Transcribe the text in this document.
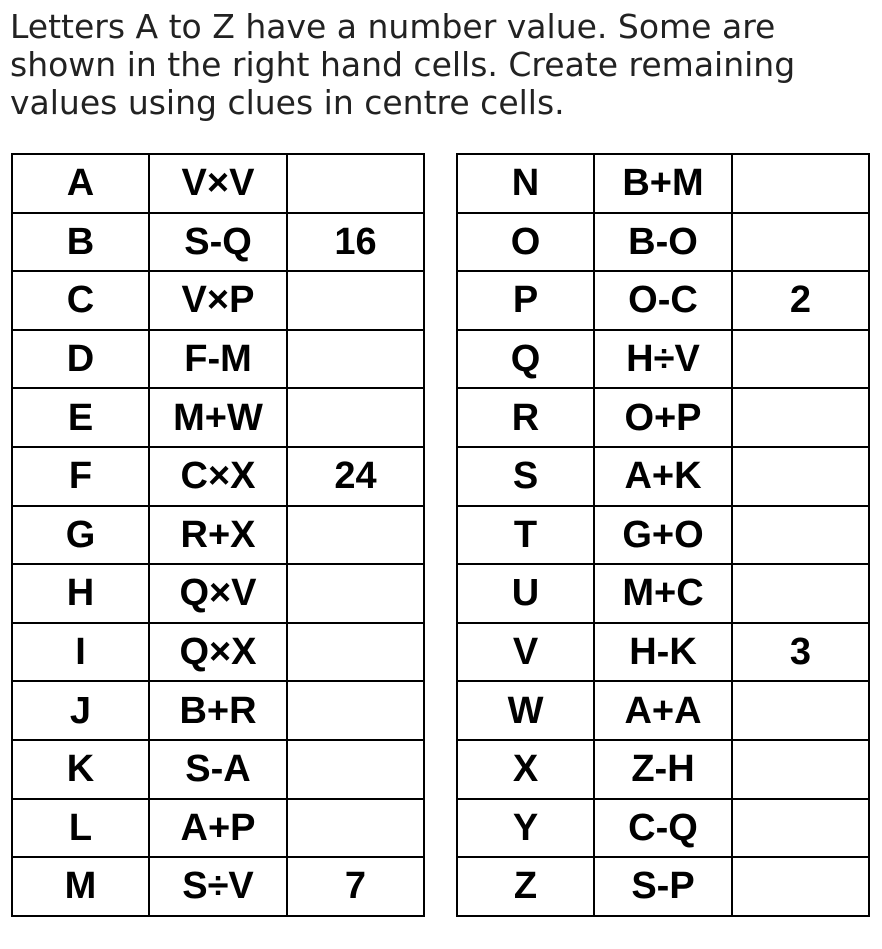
Letters A to Z have a number value. Some are
shown in the right hand cells. Create remaining
values using clues in centre cells.
A	V×V	
B	S-Q	16
C	V×P	
D	F-M	
E	M+W	
F	C×X	24
G	R+X	
H	Q×V	
I	Q×X	
J	B+R	
K	S-A	
L	A+P	
M	S÷V	7
N	B+M	
O	B-O	
P	O-C	2
Q	H÷V	
R	O+P	
S	A+K	
T	G+O	
U	M+C	
V	H-K	3
W	A+A	
X	Z-H	
Y	C-Q	
Z	S-P	
